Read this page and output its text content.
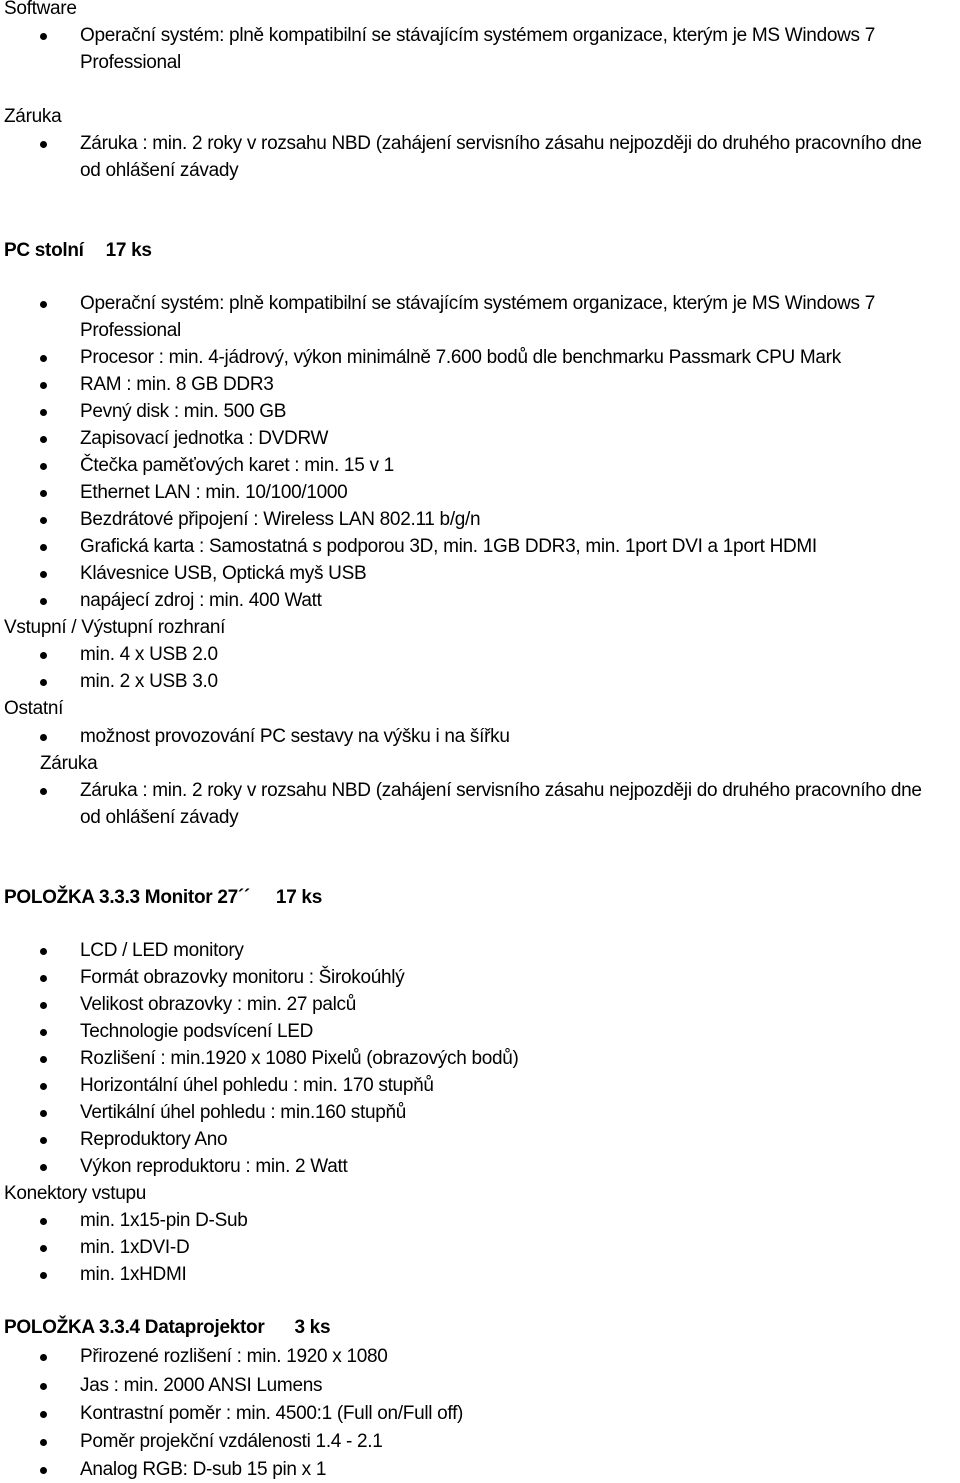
Software
Operační systém: plně kompatibilní se stávajícím systémem organizace, kterým je MS Windows 7
Professional
Záruka
Záruka : min. 2 roky v rozsahu NBD (zahájení servisního zásahu nejpozději do druhého pracovního dne
od ohlášení závady
PC stolní 17 ks
Operační systém: plně kompatibilní se stávajícím systémem organizace, kterým je MS Windows 7
Professional
Procesor : min. 4-jádrový, výkon minimálně 7.600 bodů dle benchmarku Passmark CPU Mark
RAM : min. 8 GB DDR3
Pevný disk : min. 500 GB
Zapisovací jednotka : DVDRW
Čtečka paměťových karet : min. 15 v 1
Ethernet LAN : min. 10/100/1000
Bezdrátové připojení : Wireless LAN 802.11 b/g/n
Grafická karta : Samostatná s podporou 3D, min. 1GB DDR3, min. 1port DVI a 1port HDMI
Klávesnice USB, Optická myš USB
napájecí zdroj : min. 400 Watt
Vstupní / Výstupní rozhraní
min. 4 x USB 2.0
min. 2 x USB 3.0
Ostatní
možnost provozování PC sestavy na výšku i na šířku
Záruka
Záruka : min. 2 roky v rozsahu NBD (zahájení servisního zásahu nejpozději do druhého pracovního dne
od ohlášení závady
POLOŽKA 3.3.3 Monitor 27´´ 17 ks
LCD / LED monitory
Formát obrazovky monitoru : Širokoúhlý
Velikost obrazovky : min. 27 palců
Technologie podsvícení LED
Rozlišení : min.1920 x 1080 Pixelů (obrazových bodů)
Horizontální úhel pohledu : min. 170 stupňů
Vertikální úhel pohledu : min.160 stupňů
Reproduktory Ano
Výkon reproduktoru : min. 2 Watt
Konektory vstupu
min. 1x15-pin D-Sub
min. 1xDVI-D
min. 1xHDMI
POLOŽKA 3.3.4 Dataprojektor 3 ks
Přirozené rozlišení : min. 1920 x 1080
Jas : min. 2000 ANSI Lumens
Kontrastní poměr : min. 4500:1 (Full on/Full off)
Poměr projekční vzdálenosti 1.4 - 2.1
Analog RGB: D-sub 15 pin x 1
